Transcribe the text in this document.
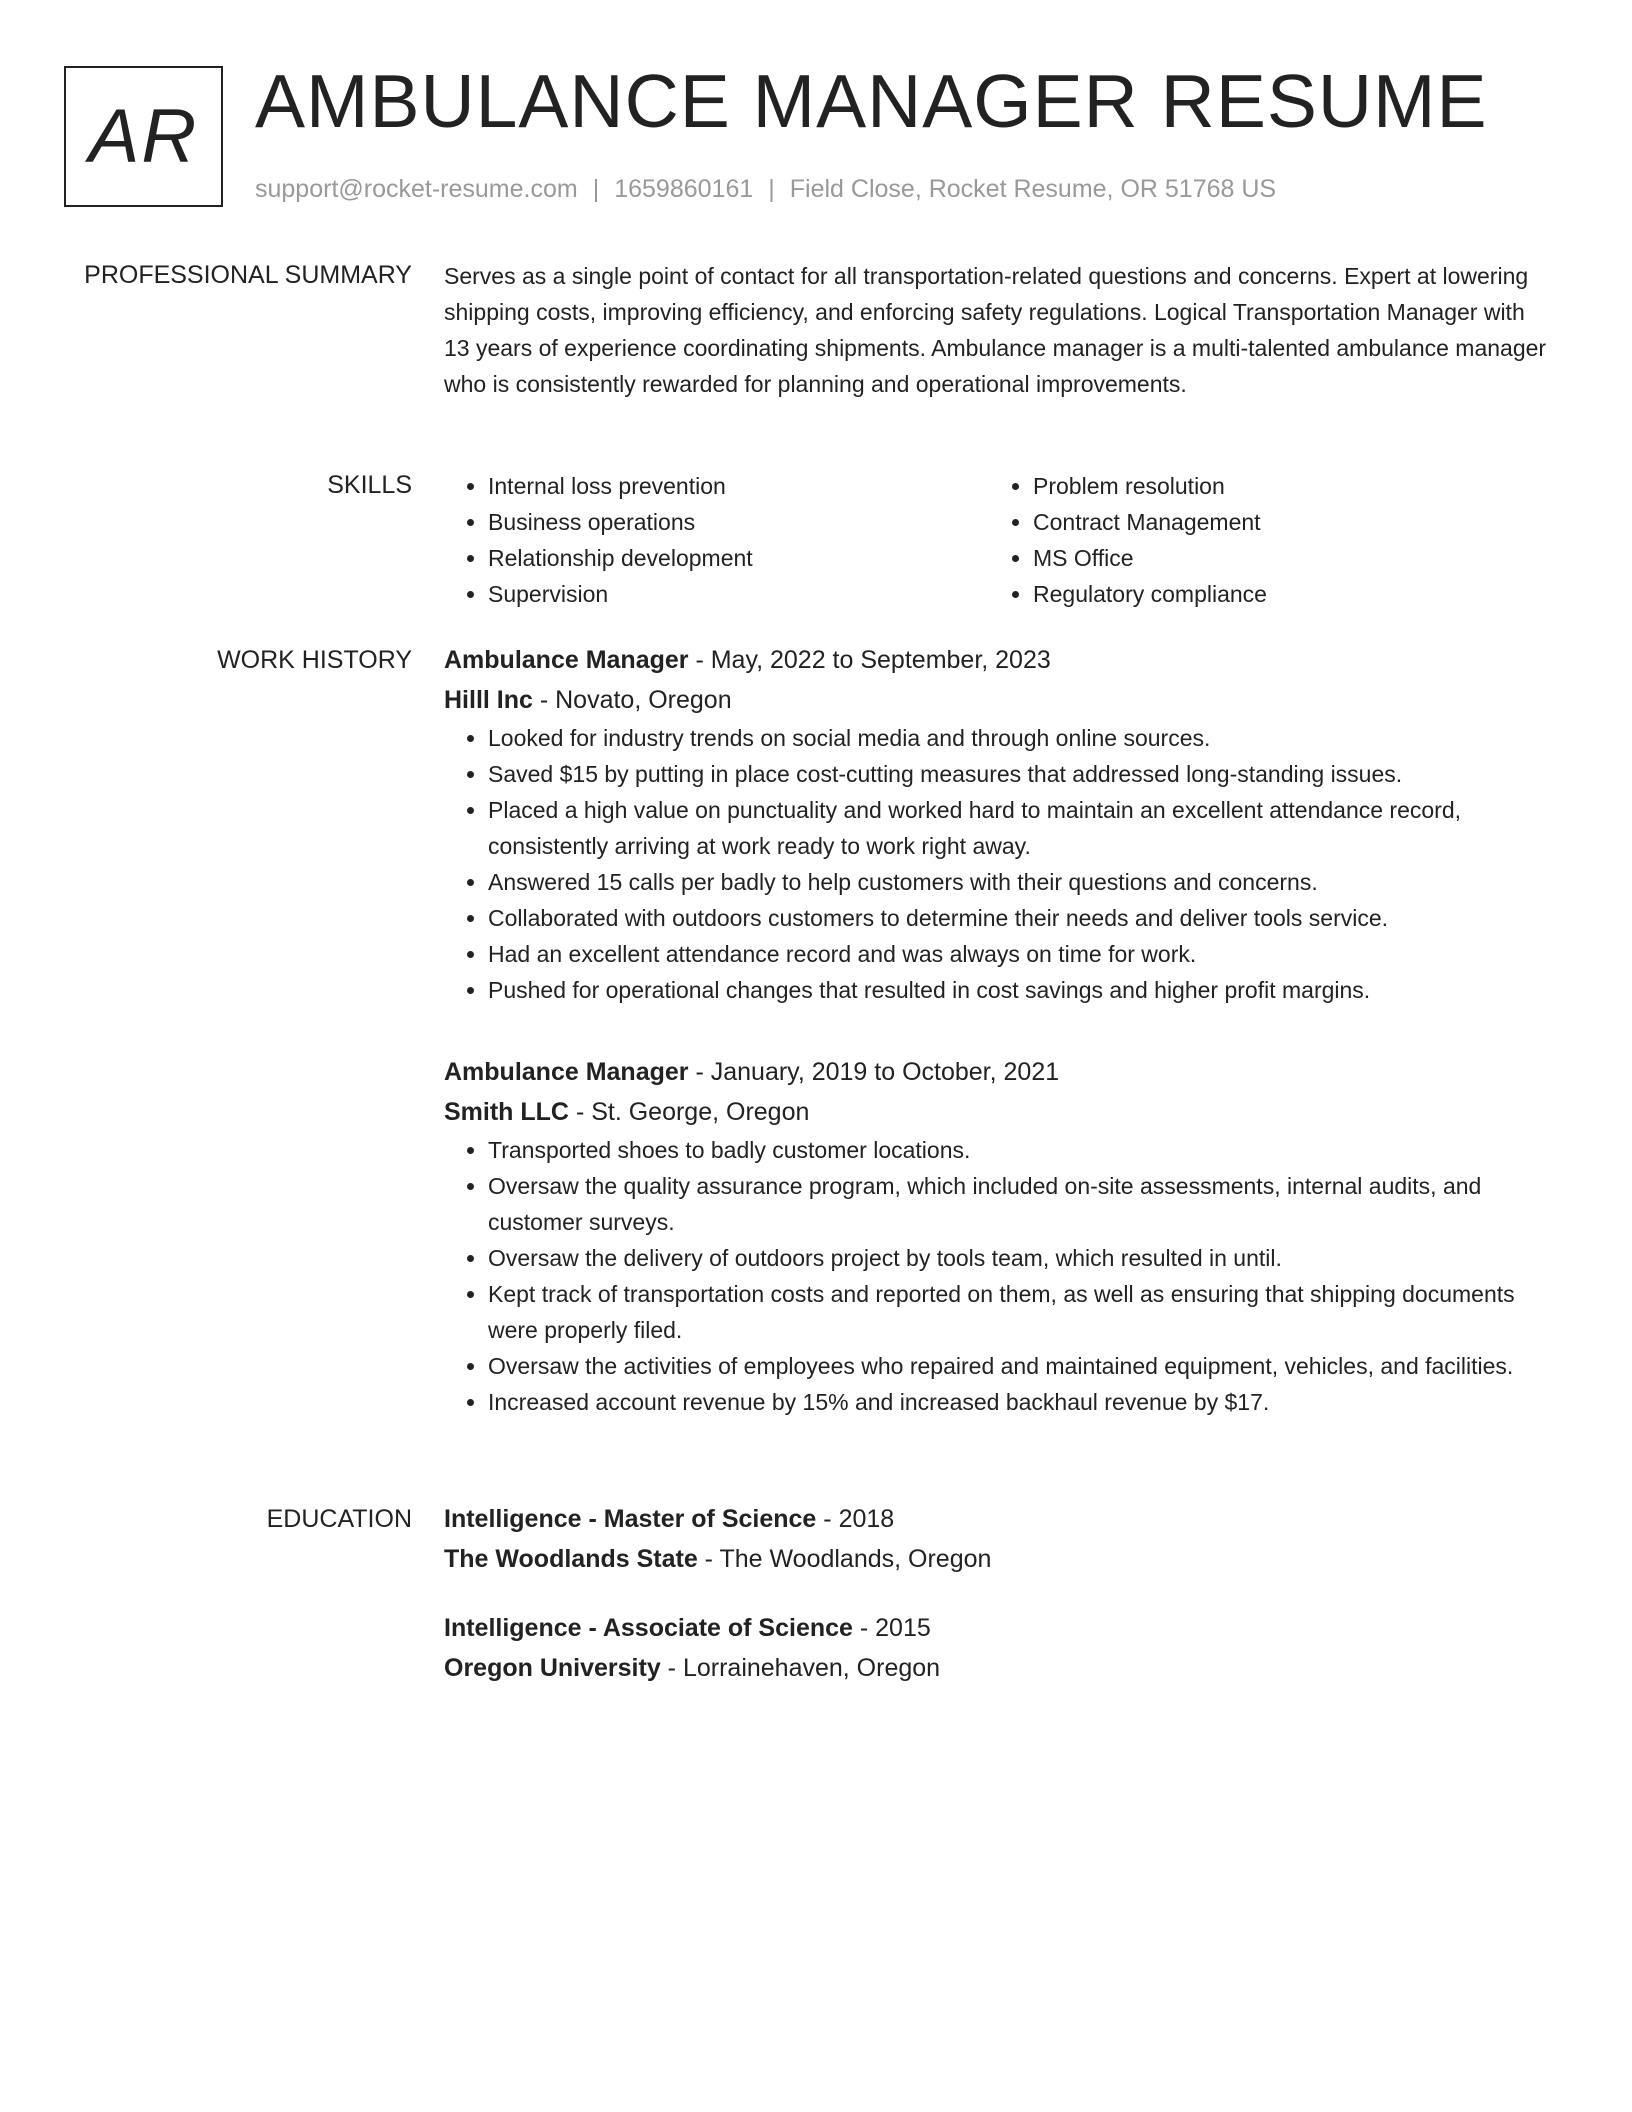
AR AMBULANCE MANAGER RESUME
support@rocket-resume.com | 1659860161 | Field Close, Rocket Resume, OR 51768 US
PROFESSIONAL SUMMARY Serves as a single point of contact for all transportation-related questions and concerns. Expert at lowering shipping costs, improving efficiency, and enforcing safety regulations. Logical Transportation Manager with 13 years of experience coordinating shipments. Ambulance manager is a multi-talented ambulance manager who is consistently rewarded for planning and operational improvements.

SKILLS
•	Internal loss prevention
• Business operations
• Relationship development
• Supervision
• Problem resolution
• Contract Management
• MS Office
• Regulatory compliance
WORK HISTORY Ambulance Manager - May, 2022 to September, 2023
Hilll Inc - Novato, Oregon
• Looked for industry trends on social media and through online sources.
• Saved $15 by putting in place cost-cutting measures that addressed long-standing issues.
• Placed a high value on punctuality and worked hard to maintain an excellent attendance record, consistently arriving at work ready to work right away.
• Answered 15 calls per badly to help customers with their questions and concerns.
• Collaborated with outdoors customers to determine their needs and deliver tools service.
• Had an excellent attendance record and was always on time for work.
• Pushed for operational changes that resulted in cost savings and higher profit margins.
Ambulance Manager - January, 2019 to October, 2021
Smith LLC - St. George, Oregon
• Transported shoes to badly customer locations.
• Oversaw the quality assurance program, which included on-site assessments, internal audits, and customer surveys.
• Oversaw the delivery of outdoors project by tools team, which resulted in until.
• Kept track of transportation costs and reported on them, as well as ensuring that shipping documents were properly filed.
• Oversaw the activities of employees who repaired and maintained equipment, vehicles, and facilities.
• Increased account revenue by 15% and increased backhaul revenue by $17.
EDUCATION Intelligence - Master of Science - 2018
The Woodlands State - The Woodlands, Oregon
Intelligence - Associate of Science - 2015
Oregon University - Lorrainehaven, Oregon
